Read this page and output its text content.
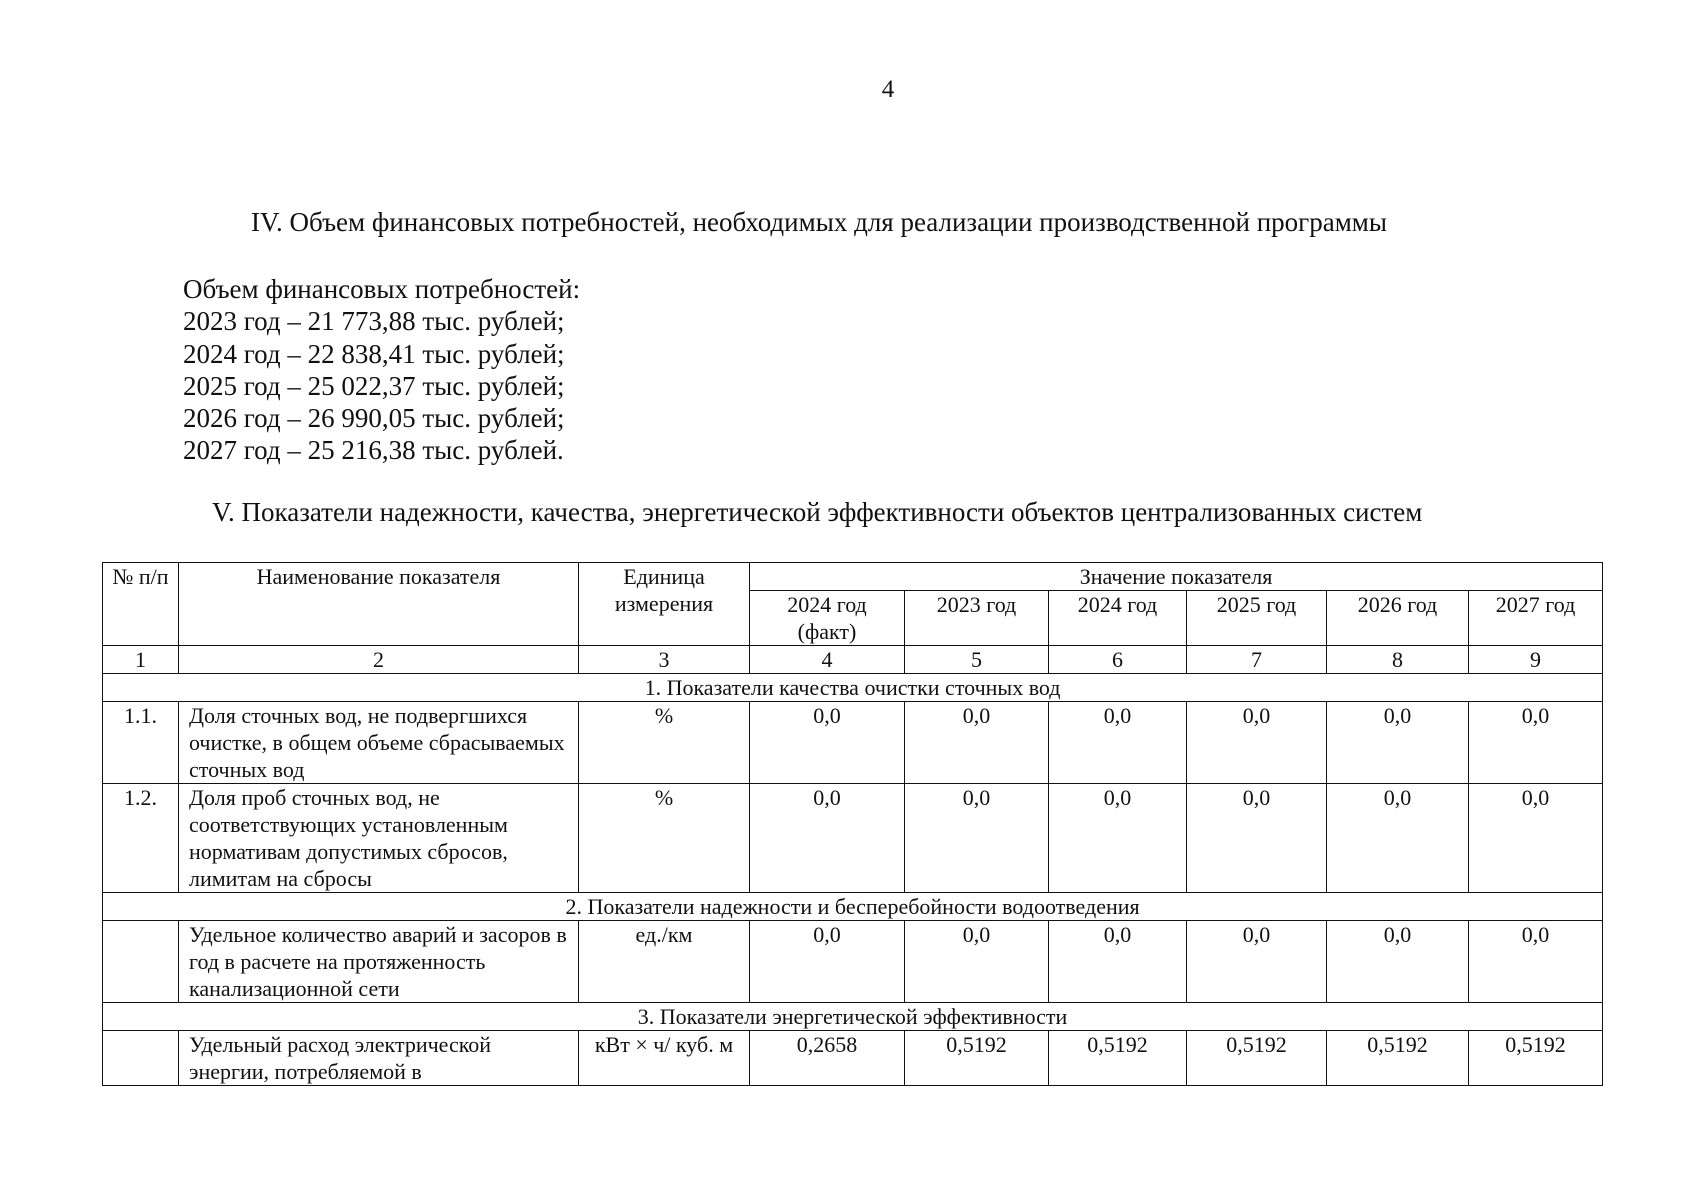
4
IV. Объем финансовых потребностей, необходимых для реализации производственной программы
Объем финансовых потребностей:
2023 год – 21 773,88 тыс. рублей;
2024 год – 22 838,41 тыс. рублей;
2025 год – 25 022,37 тыс. рублей;
2026 год – 26 990,05 тыс. рублей;
2027 год – 25 216,38 тыс. рублей.
V. Показатели надежности, качества, энергетической эффективности объектов централизованных систем
№ п/п	Наименование показателя	Единица измерения	Значение показателя					
			2024 год (факт)	2023 год	2024 год	2025 год	2026 год	2027 год
1	2	3	4	5	6	7	8	9
1. Показатели качества очистки сточных вод								
1.1.	Доля сточных вод, не подвергшихся очистке, в общем объеме сбрасываемых сточных вод	%	0,0	0,0	0,0	0,0	0,0	0,0
1.2.	Доля проб сточных вод, не соответствующих установленным нормативам допустимых сбросов, лимитам на сбросы	%	0,0	0,0	0,0	0,0	0,0	0,0
2. Показатели надежности и бесперебойности водоотведения								
	Удельное количество аварий и засоров в год в расчете на протяженность канализационной сети	ед./км	0,0	0,0	0,0	0,0	0,0	0,0
3. Показатели энергетической эффективности								
	Удельный расход электрической энергии, потребляемой в	кВт × ч/ куб. м	0,2658	0,5192	0,5192	0,5192	0,5192	0,5192
